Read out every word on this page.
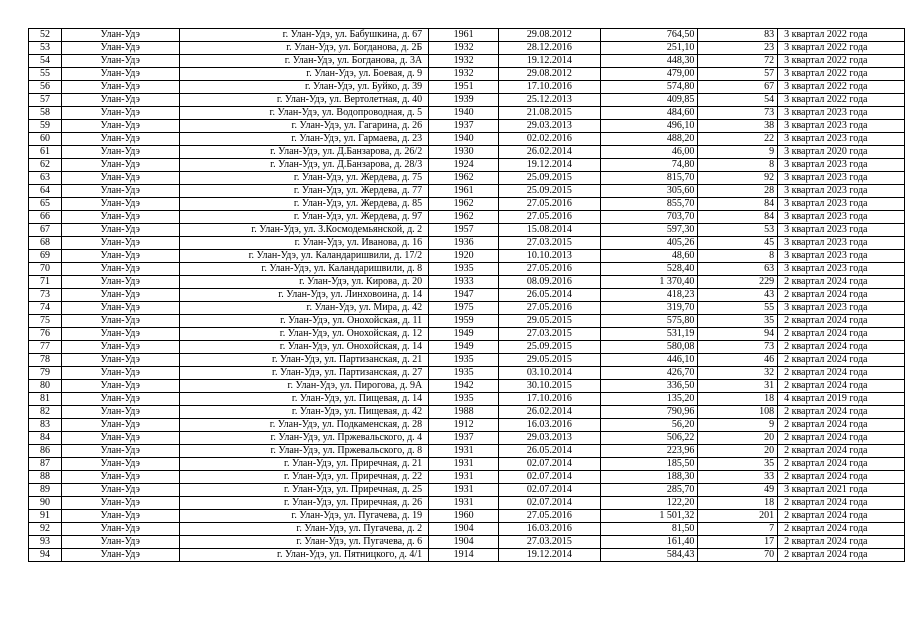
52	Улан-Удэ	г. Улан-Удэ, ул. Бабушкина, д. 67	1961	29.08.2012	764,50	83	3 квартал 2022 года
53	Улан-Удэ	г. Улан-Удэ, ул. Богданова, д. 2Б	1932	28.12.2016	251,10	23	3 квартал 2022 года
54	Улан-Удэ	г. Улан-Удэ, ул. Богданова, д. 3А	1932	19.12.2014	448,30	72	3 квартал 2022 года
55	Улан-Удэ	г. Улан-Удэ, ул. Боевая, д. 9	1932	29.08.2012	479,00	57	3 квартал 2022 года
56	Улан-Удэ	г. Улан-Удэ, ул. Буйко, д. 39	1951	17.10.2016	574,80	67	3 квартал 2022 года
57	Улан-Удэ	г. Улан-Удэ, ул. Вертолетная, д. 40	1939	25.12.2013	409,85	54	3 квартал 2022 года
58	Улан-Удэ	г. Улан-Удэ, ул. Водопроводная, д. 5	1940	21.08.2015	484,60	73	3 квартал 2023 года
59	Улан-Удэ	г. Улан-Удэ, ул. Гагарина, д. 26	1937	29.03.2013	496,10	38	3 квартал 2023 года
60	Улан-Удэ	г. Улан-Удэ, ул. Гармаева, д. 23	1940	02.02.2016	488,20	22	3 квартал 2023 года
61	Улан-Удэ	г. Улан-Удэ, ул. Д.Банзарова, д. 26/2	1930	26.02.2014	46,00	9	3 квартал 2020 года
62	Улан-Удэ	г. Улан-Удэ, ул. Д.Банзарова, д. 28/3	1924	19.12.2014	74,80	8	3 квартал 2023 года
63	Улан-Удэ	г. Улан-Удэ, ул. Жердева, д. 75	1962	25.09.2015	815,70	92	3 квартал 2023 года
64	Улан-Удэ	г. Улан-Удэ, ул. Жердева, д. 77	1961	25.09.2015	305,60	28	3 квартал 2023 года
65	Улан-Удэ	г. Улан-Удэ, ул. Жердева, д. 85	1962	27.05.2016	855,70	84	3 квартал 2023 года
66	Улан-Удэ	г. Улан-Удэ, ул. Жердева, д. 97	1962	27.05.2016	703,70	84	3 квартал 2023 года
67	Улан-Удэ	г. Улан-Удэ, ул. З.Космодемьянской, д. 2	1957	15.08.2014	597,30	53	3 квартал 2023 года
68	Улан-Удэ	г. Улан-Удэ, ул. Иванова, д. 16	1936	27.03.2015	405,26	45	3 квартал 2023 года
69	Улан-Удэ	г. Улан-Удэ, ул. Каландаришвили, д. 17/2	1920	10.10.2013	48,60	8	3 квартал 2023 года
70	Улан-Удэ	г. Улан-Удэ, ул. Каландаришвили, д. 8	1935	27.05.2016	528,40	63	3 квартал 2023 года
71	Улан-Удэ	г. Улан-Удэ, ул. Кирова, д. 20	1933	08.09.2016	1 370,40	229	2 квартал 2024 года
73	Улан-Удэ	г. Улан-Удэ, ул. Линховоина, д. 14	1947	26.05.2014	418,23	43	2 квартал 2024 года
74	Улан-Удэ	г. Улан-Удэ, ул. Мира, д. 42	1975	27.05.2016	319,70	55	3 квартал 2023 года
75	Улан-Удэ	г. Улан-Удэ, ул. Онохойская, д. 11	1959	29.05.2015	575,80	35	2 квартал 2024 года
76	Улан-Удэ	г. Улан-Удэ, ул. Онохойская, д. 12	1949	27.03.2015	531,19	94	2 квартал 2024 года
77	Улан-Удэ	г. Улан-Удэ, ул. Онохойская, д. 14	1949	25.09.2015	580,08	73	2 квартал 2024 года
78	Улан-Удэ	г. Улан-Удэ, ул. Партизанская, д. 21	1935	29.05.2015	446,10	46	2 квартал 2024 года
79	Улан-Удэ	г. Улан-Удэ, ул. Партизанская, д. 27	1935	03.10.2014	426,70	32	2 квартал 2024 года
80	Улан-Удэ	г. Улан-Удэ, ул. Пирогова, д. 9А	1942	30.10.2015	336,50	31	2 квартал 2024 года
81	Улан-Удэ	г. Улан-Удэ, ул. Пищевая, д. 14	1935	17.10.2016	135,20	18	4 квартал 2019 года
82	Улан-Удэ	г. Улан-Удэ, ул. Пищевая, д. 42	1988	26.02.2014	790,96	108	2 квартал 2024 года
83	Улан-Удэ	г. Улан-Удэ, ул. Подкаменская, д. 28	1912	16.03.2016	56,20	9	2 квартал 2024 года
84	Улан-Удэ	г. Улан-Удэ, ул. Пржевальского, д. 4	1937	29.03.2013	506,22	20	2 квартал 2024 года
86	Улан-Удэ	г. Улан-Удэ, ул. Пржевальского, д. 8	1931	26.05.2014	223,96	20	2 квартал 2024 года
87	Улан-Удэ	г. Улан-Удэ, ул. Приречная, д. 21	1931	02.07.2014	185,50	35	2 квартал 2024 года
88	Улан-Удэ	г. Улан-Удэ, ул. Приречная, д. 22	1931	02.07.2014	188,30	33	2 квартал 2024 года
89	Улан-Удэ	г. Улан-Удэ, ул. Приречная, д. 25	1931	02.07.2014	285,70	49	3 квартал 2021 года
90	Улан-Удэ	г. Улан-Удэ, ул. Приречная, д. 26	1931	02.07.2014	122,20	18	2 квартал 2024 года
91	Улан-Удэ	г. Улан-Удэ, ул. Пугачева, д. 19	1960	27.05.2016	1 501,32	201	2 квартал 2024 года
92	Улан-Удэ	г. Улан-Удэ, ул. Пугачева, д. 2	1904	16.03.2016	81,50	7	2 квартал 2024 года
93	Улан-Удэ	г. Улан-Удэ, ул. Пугачева, д. 6	1904	27.03.2015	161,40	17	2 квартал 2024 года
94	Улан-Удэ	г. Улан-Удэ, ул. Пятницкого, д. 4/1	1914	19.12.2014	584,43	70	2 квартал 2024 года
